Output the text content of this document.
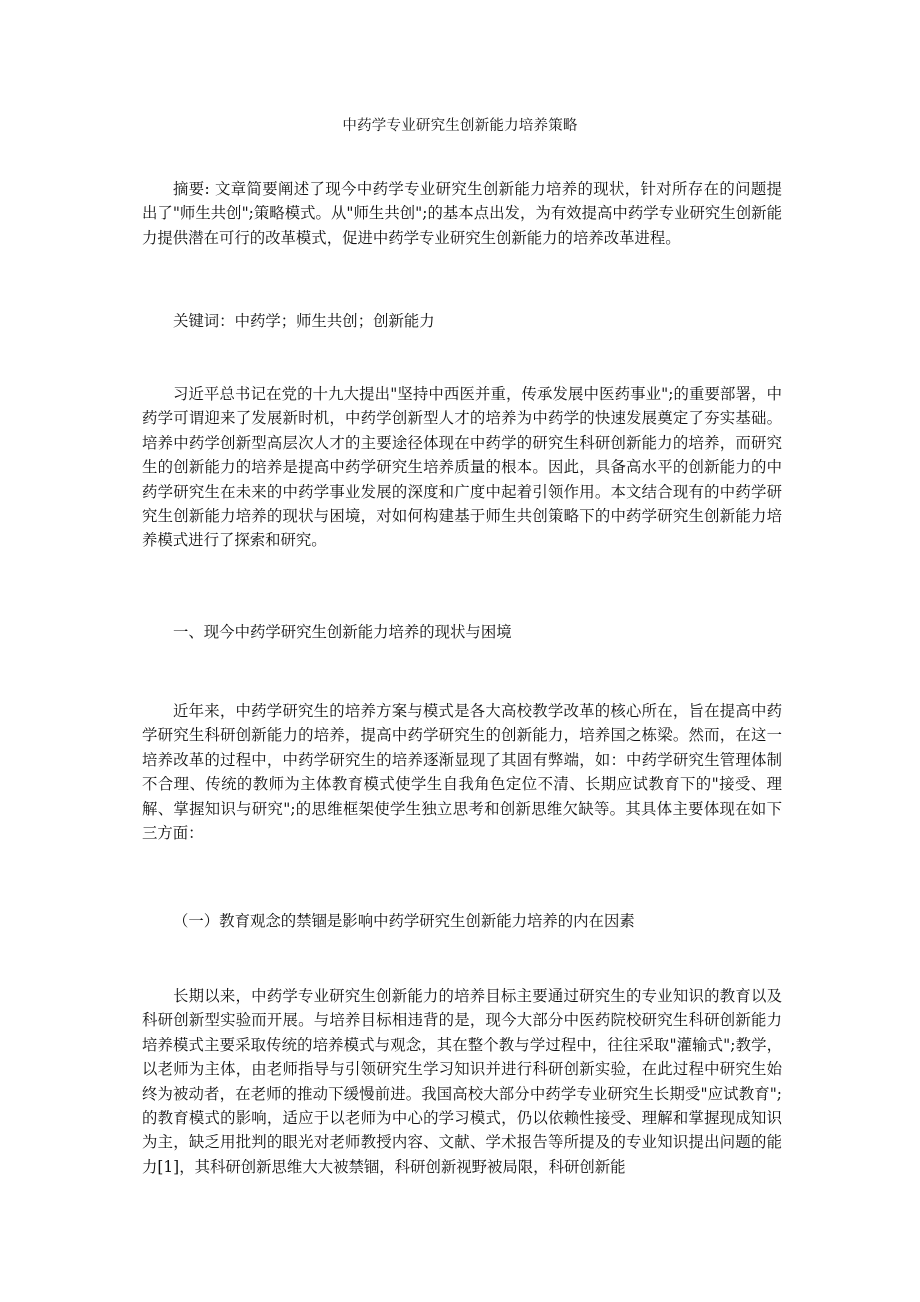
中药学专业研究生创新能力培养策略

摘要: 文章简要阐述了现今中药学专业研究生创新能力培养的现状，针对所存在的问题提出了"师生共创";策略模式。从"师生共创";的基本点出发，为有效提高中药学专业研究生创新能力提供潜在可行的改革模式，促进中药学专业研究生创新能力的培养改革进程。

关键词：中药学；师生共创；创新能力

习近平总书记在党的十九大提出"坚持中西医并重，传承发展中医药事业";的重要部署，中药学可谓迎来了发展新时机，中药学创新型人才的培养为中药学的快速发展奠定了夯实基础。培养中药学创新型高层次人才的主要途径体现在中药学的研究生科研创新能力的培养，而研究生的创新能力的培养是提高中药学研究生培养质量的根本。因此，具备高水平的创新能力的中药学研究生在未来的中药学事业发展的深度和广度中起着引领作用。本文结合现有的中药学研究生创新能力培养的现状与困境，对如何构建基于师生共创策略下的中药学研究生创新能力培养模式进行了探索和研究。

一、现今中药学研究生创新能力培养的现状与困境

近年来，中药学研究生的培养方案与模式是各大高校教学改革的核心所在，旨在提高中药学研究生科研创新能力的培养，提高中药学研究生的创新能力，培养国之栋梁。然而，在这一培养改革的过程中，中药学研究生的培养逐渐显现了其固有弊端，如：中药学研究生管理体制不合理、传统的教师为主体教育模式使学生自我角色定位不清、长期应试教育下的"接受、理解、掌握知识与研究";的思维框架使学生独立思考和创新思维欠缺等。其具体主要体现在如下三方面：

（一）教育观念的禁锢是影响中药学研究生创新能力培养的内在因素

长期以来，中药学专业研究生创新能力的培养目标主要通过研究生的专业知识的教育以及科研创新型实验而开展。与培养目标相违背的是，现今大部分中医药院校研究生科研创新能力培养模式主要采取传统的培养模式与观念，其在整个教与学过程中，往往采取"灌输式";教学，以老师为主体，由老师指导与引领研究生学习知识并进行科研创新实验，在此过程中研究生始终为被动者，在老师的推动下缓慢前进。我国高校大部分中药学专业研究生长期受"应试教育";的教育模式的影响，适应于以老师为中心的学习模式，仍以依赖性接受、理解和掌握现成知识为主，缺乏用批判的眼光对老师教授内容、文献、学术报告等所提及的专业知识提出问题的能力[1]，其科研创新思维大大被禁锢，科研创新视野被局限，科研创新能
